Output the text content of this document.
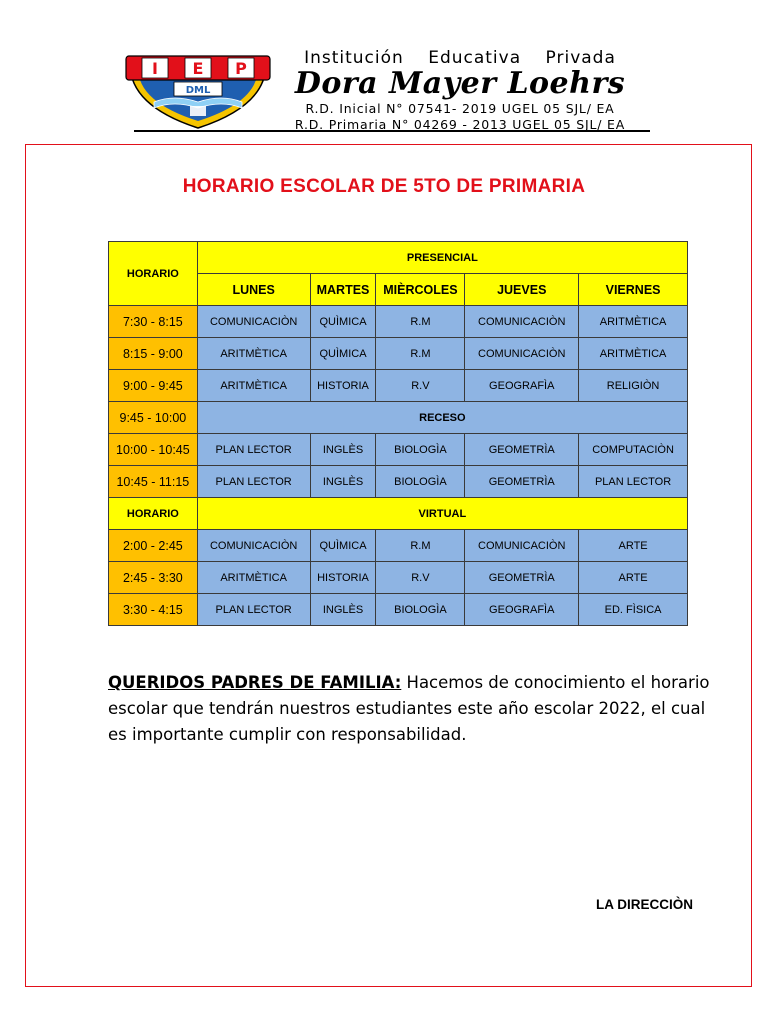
I E P
DML
Institución Educativa Privada
Dora Mayer Loehrs
R.D. Inicial N° 07541- 2019 UGEL 05 SJL/ EA
R.D. Primaria N° 04269 - 2013 UGEL 05 SJL/ EA
HORARIO ESCOLAR DE 5TO DE PRIMARIA
HORARIO	PRESENCIAL				
	LUNES	MARTES	MIÈRCOLES	JUEVES	VIERNES
7:30 - 8:15	COMUNICACIÒN	QUÌMICA	R.M	COMUNICACIÒN	ARITMÈTICA
8:15 - 9:00	ARITMÈTICA	QUÌMICA	R.M	COMUNICACIÒN	ARITMÈTICA
9:00 - 9:45	ARITMÈTICA	HISTORIA	R.V	GEOGRAFÌA	RELIGIÒN
9:45 - 10:00	RECESO				
10:00 - 10:45	PLAN LECTOR	INGLÈS	BIOLOGÌA	GEOMETRÌA	COMPUTACIÒN
10:45 - 11:15	PLAN LECTOR	INGLÈS	BIOLOGÌA	GEOMETRÌA	PLAN LECTOR
HORARIO	VIRTUAL				
2:00 - 2:45	COMUNICACIÒN	QUÌMICA	R.M	COMUNICACIÒN	ARTE
2:45 - 3:30	ARITMÈTICA	HISTORIA	R.V	GEOMETRÌA	ARTE
3:30 - 4:15	PLAN LECTOR	INGLÈS	BIOLOGÌA	GEOGRAFÌA	ED. FÌSICA
QUERIDOS PADRES DE FAMILIA: Hacemos de conocimiento el horario escolar que tendrán nuestros estudiantes este año escolar 2022, el cual es importante cumplir con responsabilidad.
LA DIRECCIÒN
